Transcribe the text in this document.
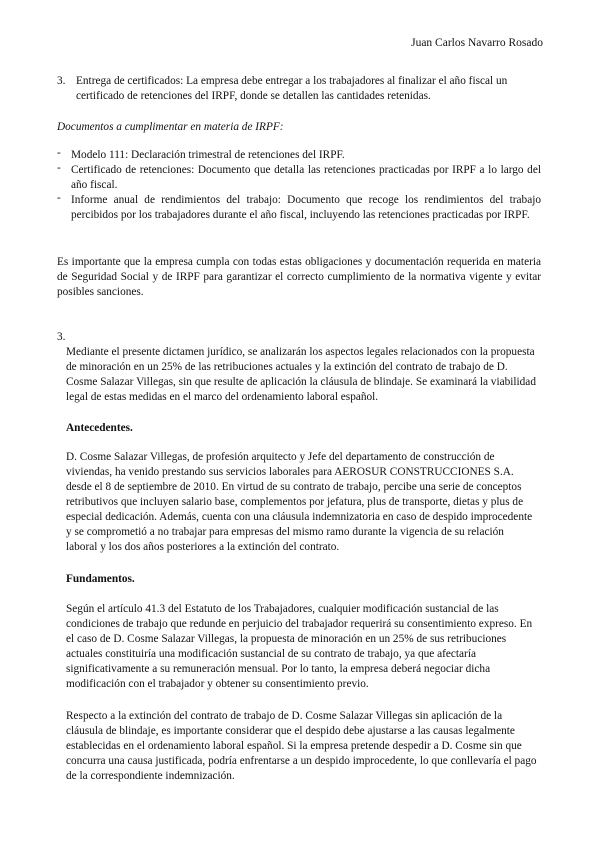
Juan Carlos Navarro Rosado
3. Entrega de certificados: La empresa debe entregar a los trabajadores al finalizar el año fiscal un certificado de retenciones del IRPF, donde se detallen las cantidades retenidas.

Documentos a cumplimentar en materia de IRPF:

- Modelo 111: Declaración trimestral de retenciones del IRPF.
- Certificado de retenciones: Documento que detalla las retenciones practicadas por IRPF a lo largo del año fiscal.
- Informe anual de rendimientos del trabajo: Documento que recoge los rendimientos del trabajo percibidos por los trabajadores durante el año fiscal, incluyendo las retenciones practicadas por IRPF.

Es importante que la empresa cumpla con todas estas obligaciones y documentación requerida en materia de Seguridad Social y de IRPF para garantizar el correcto cumplimiento de la normativa vigente y evitar posibles sanciones.

3.

Mediante el presente dictamen jurídico, se analizarán los aspectos legales relacionados con la propuesta de minoración en un 25% de las retribuciones actuales y la extinción del contrato de trabajo de D. Cosme Salazar Villegas, sin que resulte de aplicación la cláusula de blindaje. Se examinará la viabilidad legal de estas medidas en el marco del ordenamiento laboral español.

Antecedentes.

D. Cosme Salazar Villegas, de profesión arquitecto y Jefe del departamento de construcción de viviendas, ha venido prestando sus servicios laborales para AEROSUR CONSTRUCCIONES S.A. desde el 8 de septiembre de 2010. En virtud de su contrato de trabajo, percibe una serie de conceptos retributivos que incluyen salario base, complementos por jefatura, plus de transporte, dietas y plus de especial dedicación. Además, cuenta con una cláusula indemnizatoria en caso de despido improcedente y se comprometió a no trabajar para empresas del mismo ramo durante la vigencia de su relación laboral y los dos años posteriores a la extinción del contrato.

Fundamentos.

Según el artículo 41.3 del Estatuto de los Trabajadores, cualquier modificación sustancial de las condiciones de trabajo que redunde en perjuicio del trabajador requerirá su consentimiento expreso. En el caso de D. Cosme Salazar Villegas, la propuesta de minoración en un 25% de sus retribuciones actuales constituiría una modificación sustancial de su contrato de trabajo, ya que afectaría significativamente a su remuneración mensual. Por lo tanto, la empresa deberá negociar dicha modificación con el trabajador y obtener su consentimiento previo.

Respecto a la extinción del contrato de trabajo de D. Cosme Salazar Villegas sin aplicación de la cláusula de blindaje, es importante considerar que el despido debe ajustarse a las causas legalmente establecidas en el ordenamiento laboral español. Si la empresa pretende despedir a D. Cosme sin que concurra una causa justificada, podría enfrentarse a un despido improcedente, lo que conllevaría el pago de la correspondiente indemnización.
